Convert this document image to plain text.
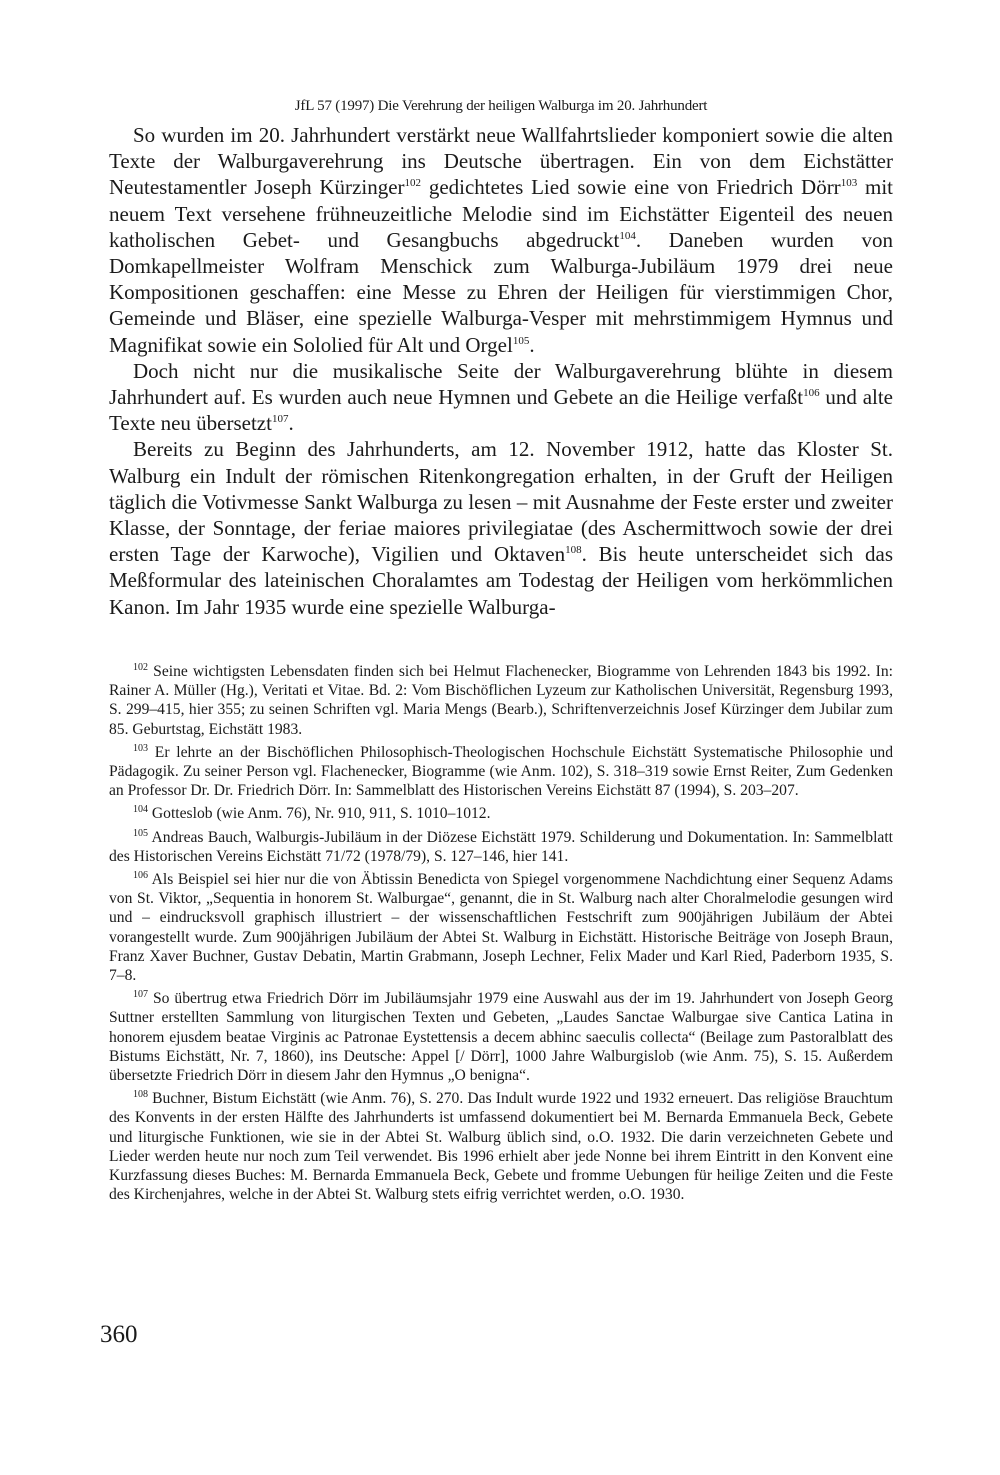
JfL 57 (1997) Die Verehrung der heiligen Walburga im 20. Jahrhundert

So wurden im 20. Jahrhundert verstärkt neue Wallfahrtslieder komponiert sowie die alten Texte der Walburgaverehrung ins Deutsche übertragen. Ein von dem Eichstätter Neutestamentler Joseph Kürzinger$^{102}$ gedichtetes Lied sowie eine von Friedrich Dörr$^{103}$ mit neuem Text versehene frühneuzeitliche Melodie sind im Eichstätter Eigenteil des neuen katholischen Gebet- und Gesangbuchs abgedruckt$^{104}$. Daneben wurden von Domkapellmeister Wolfram Menschick zum Walburga-Jubiläum 1979 drei neue Kompositionen geschaffen: eine Messe zu Ehren der Heiligen für vierstimmigen Chor, Gemeinde und Bläser, eine spezielle Walburga-Vesper mit mehrstimmigem Hymnus und Magnifikat sowie ein Sololied für Alt und Orgel$^{105}$.

Doch nicht nur die musikalische Seite der Walburgaverehrung blühte in diesem Jahrhundert auf. Es wurden auch neue Hymnen und Gebete an die Heilige verfaßt$^{106}$ und alte Texte neu übersetzt$^{107}$.

Bereits zu Beginn des Jahrhunderts, am 12. November 1912, hatte das Kloster St. Walburg ein Indult der römischen Ritenkongregation erhalten, in der Gruft der Heiligen täglich die Votivmesse Sankt Walburga zu lesen – mit Ausnahme der Feste erster und zweiter Klasse, der Sonntage, der feriae maiores privilegiatae (des Aschermittwoch sowie der drei ersten Tage der Karwoche), Vigilien und Oktaven$^{108}$. Bis heute unterscheidet sich das Meßformular des lateinischen Choralamtes am Todestag der Heiligen vom herkömmlichen Kanon. Im Jahr 1935 wurde eine spezielle Walburga-

$^{102}$ Seine wichtigsten Lebensdaten finden sich bei Helmut Flachenecker, Biogramme von Lehrenden 1843 bis 1992. In: Rainer A. Müller (Hg.), Veritati et Vitae. Bd. 2: Vom Bischöflichen Lyzeum zur Katholischen Universität, Regensburg 1993, S. 299–415, hier 355; zu seinen Schriften vgl. Maria Mengs (Bearb.), Schriftenverzeichnis Josef Kürzinger dem Jubilar zum 85. Geburtstag, Eichstätt 1983.

$^{103}$ Er lehrte an der Bischöflichen Philosophisch-Theologischen Hochschule Eichstätt Systematische Philosophie und Pädagogik. Zu seiner Person vgl. Flachenecker, Biogramme (wie Anm. 102), S. 318–319 sowie Ernst Reiter, Zum Gedenken an Professor Dr. Dr. Friedrich Dörr. In: Sammelblatt des Historischen Vereins Eichstätt 87 (1994), S. 203–207.

$^{104}$ Gotteslob (wie Anm. 76), Nr. 910, 911, S. 1010–1012.

$^{105}$ Andreas Bauch, Walburgis-Jubiläum in der Diözese Eichstätt 1979. Schilderung und Dokumentation. In: Sammelblatt des Historischen Vereins Eichstätt 71/72 (1978/79), S. 127–146, hier 141.

$^{106}$ Als Beispiel sei hier nur die von Äbtissin Benedicta von Spiegel vorgenommene Nachdichtung einer Sequenz Adams von St. Viktor, „Sequentia in honorem St. Walburgae“, genannt, die in St. Walburg nach alter Choralmelodie gesungen wird und – eindrucksvoll graphisch illustriert – der wissenschaftlichen Festschrift zum 900jährigen Jubiläum der Abtei vorangestellt wurde. Zum 900jährigen Jubiläum der Abtei St. Walburg in Eichstätt. Historische Beiträge von Joseph Braun, Franz Xaver Buchner, Gustav Debatin, Martin Grabmann, Joseph Lechner, Felix Mader und Karl Ried, Paderborn 1935, S. 7–8.

$^{107}$ So übertrug etwa Friedrich Dörr im Jubiläumsjahr 1979 eine Auswahl aus der im 19. Jahrhundert von Joseph Georg Suttner erstellten Sammlung von liturgischen Texten und Gebeten, „Laudes Sanctae Walburgae sive Cantica Latina in honorem ejusdem beatae Virginis ac Patronae Eystettensis a decem abhinc saeculis collecta“ (Beilage zum Pastoralblatt des Bistums Eichstätt, Nr. 7, 1860), ins Deutsche: Appel [/ Dörr], 1000 Jahre Walburgislob (wie Anm. 75), S. 15. Außerdem übersetzte Friedrich Dörr in diesem Jahr den Hymnus „O benigna“.

$^{108}$ Buchner, Bistum Eichstätt (wie Anm. 76), S. 270. Das Indult wurde 1922 und 1932 erneuert. Das religiöse Brauchtum des Konvents in der ersten Hälfte des Jahrhunderts ist umfassend dokumentiert bei M. Bernarda Emmanuela Beck, Gebete und liturgische Funktionen, wie sie in der Abtei St. Walburg üblich sind, o.O. 1932. Die darin verzeichneten Gebete und Lieder werden heute nur noch zum Teil verwendet. Bis 1996 erhielt aber jede Nonne bei ihrem Eintritt in den Konvent eine Kurzfassung dieses Buches: M. Bernarda Emmanuela Beck, Gebete und fromme Uebungen für heilige Zeiten und die Feste des Kirchenjahres, welche in der Abtei St. Walburg stets eifrig verrichtet werden, o.O. 1930.

360
